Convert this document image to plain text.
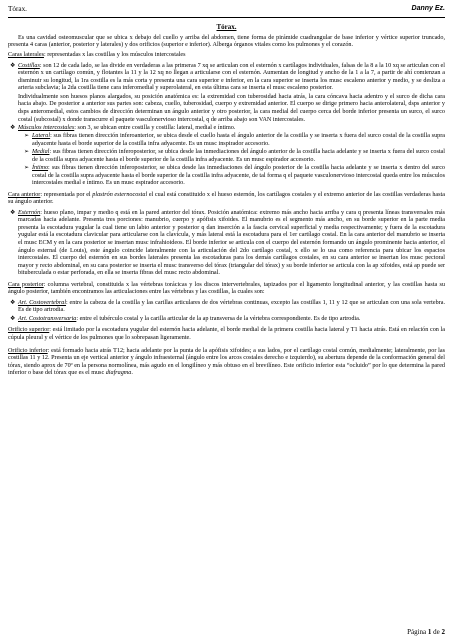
Tórax.	Danny Ez.
Tórax.

Es una cavidad osteomuscular que se ubica x debajo del cuello y arriba del abdomen, tiene forma de pirámide cuadrangular de base inferior y vértice superior truncado, presenta 4 caras (anterior, posterior y laterales) y dos orificios (superior e inferior). Alberga órganos vitales como los pulmones y el corazón.

Caras laterales: representadas x las costillas y los músculos intercostales

❖ Costillas: son 12 de cada lado, se las divide en verdaderas a las primeras 7 xq se articulan con el esternón x cartílagos individuales, falsas de la 8 a la 10 xq se articulan con el esternón x un cartílago común, y flotantes la 11 y la 12 xq no llegan a articularse con el esternón. Aumentan de longitud y ancho de la 1 a la 7, a partir de ahí comienzan a disminuir su longitud, la 1ra costilla es la más corta y presenta una cara superior e inferior, en la cara superior se inserta los musc escaleno anterior y medio, y se desliza a arteria subclavia; la 2da costilla tiene cara inferomedial y superolateral, en esta última cara se inserta el musc escaleno posterior.

Individualmente son huesos planos alargados, su posición anatómica es: la extremidad con tuberosidad hacia atrás, la cara cóncava hacia adentro y el surco de dicha cara hacia abajo. De posterior a anterior sus partes son: cabeza, cuello, tuberosidad, cuerpo y extremidad anterior. El cuerpo se dirige primero hacia anterolateral, dsps anterior y dsps anteromedial, estos cambios de dirección determinan un ángulo anterior y otro posterior, la cara medial del cuerpo cerca del borde inferior presenta un surco, el surco costal (subcostal) x donde transcurre el paquete vasculonervioso intercostal, q de arriba abajo son VAN intercostales.

❖ Músculos intercostales: son 3, se ubican entre costilla y costilla: lateral, medial e íntimo.

➢ Lateral: sus fibras tienen dirección inferoanterior, se ubica desde el cuello hasta el ángulo anterior de la costilla y se inserta x fuera del surco costal de la costilla supra adyacente hasta el borde superior de la costilla infra adyacente. Es un musc inspirador accesorio.

➢ Medial: sus fibras tienen dirección inferoposterior, se ubica desde las inmediaciones del ángulo anterior de la costilla hacia adelante y se inserta x fuera del surco costal de la costilla supra adyacente hasta el borde superior de la costilla infra adyacente. Es un musc espirador accesorio.

➢ Íntimo: sus fibras tienen dirección inferoposterior, se ubica desde las inmediaciones del ángulo posterior de la costilla hacia adelante y se inserta x dentro del surco costal de la costilla supra adyacente hasta el borde superior de la costilla infra adyacente, de tal forma q el paquete vasculonervioso intercostal queda entre los músculos intercostales medial e íntimo. Es un musc espirador accesorio.

Cara anterior: representada por el plastrón esternocostal el cual está constituido x el hueso esternón, los cartílagos costales y el extremo anterior de las costillas verdaderas hasta su ángulo anterior.

❖ Esternón: hueso plano, impar y medio q está en la pared anterior del tórax. Posición anatómica: extremo más ancho hacia arriba y cara q presenta líneas transversales más marcadas hacia adelante. Presenta tres porciones: manubrio, cuerpo y apófisis xifoides. El manubrio es el segmento más ancho, en su borde superior en la parte media presenta la escotadura yugular la cual tiene un labio anterior y posterior q dan inserción a la fascia cervical superficial y media respectivamente; y fuera de la escotadura yugular está la escotadura clavicular para articularse con la clavícula, y más lateral está la escotadura para el 1er cartílago costal. En la cara anterior del manubrio se inserta el musc ECM y en la cara posterior se insertan musc infrahioideos. El borde inferior se articula con el cuerpo del esternón formando un ángulo prominente hacia anterior, el ángulo esternal (de Louis), este ángulo coincide lateralmente con la articulación del 2do cartílago costal, x ello se lo usa como referencia para ubicar los espacios intercostales. El cuerpo del esternón en sus bordes laterales presenta las escotaduras para los demás cartílagos costales, en su cara anterior se insertan los musc pectoral mayor y recto abdominal, en su cara posterior se inserta el musc transverso del tórax (triangular del tórax) y su borde inferior se articula con la ap xifoides, está ap puede ser bituberculada o estar perforada, en ella se inserta fibras del musc recto abdominal.

Cara posterior: columna vertebral, constituida x las vértebras torácicas y los discos intervertebrales, tapizados por el ligamento longitudinal anterior, y las costillas hasta su ángulo posterior, también encontramos las articulaciones entre las vértebras y las costillas, la cuales son:

❖ Art. Costovertebral: entre la cabeza de la costilla y las carillas articulares de dos vértebras continuas, excepto las costillas 1, 11 y 12 que se articulan con una sola vertebra. Es de tipo artrodia.

❖ Art. Costotransversaria: entre el tubérculo costal y la carilla articular de la ap transversa de la vértebra correspondiente. Es de tipo artrodia.

Orificio superior: está limitado por la escotadura yugular del esternón hacia adelante, el borde medial de la primera costilla hacia lateral y T1 hacia atrás. Está en relación con la cúpula pleural y el vértice de los pulmones que lo sobrepasan ligeramente.

Orificio inferior: está formado hacia atrás T12; hacia adelante por la punta de la apófisis xifoides; a sus lados, por el cartílago costal común, medialmente; lateralmente, por las costillas 11 y 12. Presenta un eje vertical anterior y ángulo infraesternal (ángulo entre los arcos costales derecho e izquierdo), su abertura depende de la conformación general del tórax, siendo aprox de 70º en la persona normolínea, más agudo en el longilíneo y más obtuso en el brevilíneo. Este orificio inferior esta “ocluido” por lo que determina la pared inferior o base del tórax que es el musc diafragma.

Página 1 de 2
